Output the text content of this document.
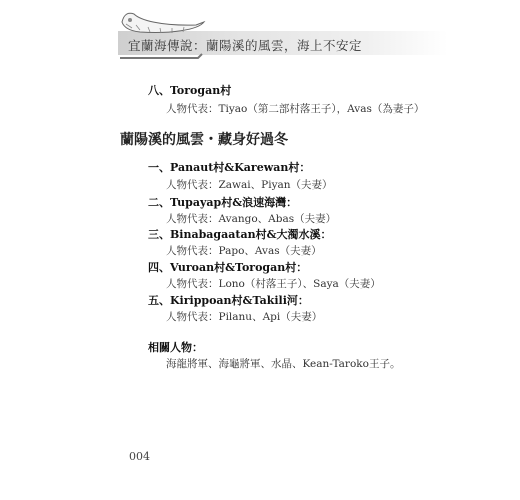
宜蘭海傳說：蘭陽溪的風雲，海上不安定
八、Torogan村
人物代表：Tiyao（第二部村落王子），Avas（為妻子）
蘭陽溪的風雲・藏身好過冬
一、Panaut村&Karewan村：
人物代表：Zawai、Piyan（夫妻）
二、Tupayap村&浪速海灣：
人物代表：Avango、Abas（夫妻）
三、Binabagaatan村&大濁水溪：
人物代表：Papo、Avas（夫妻）
四、Vuroan村&Torogan村：
人物代表：Lono（村落王子）、Saya（夫妻）
五、Kirippoan村&Takili河：
人物代表：Pilanu、Api（夫妻）
相關人物：
海龍將軍、海龜將軍、水晶、Kean-Taroko王子。
004
